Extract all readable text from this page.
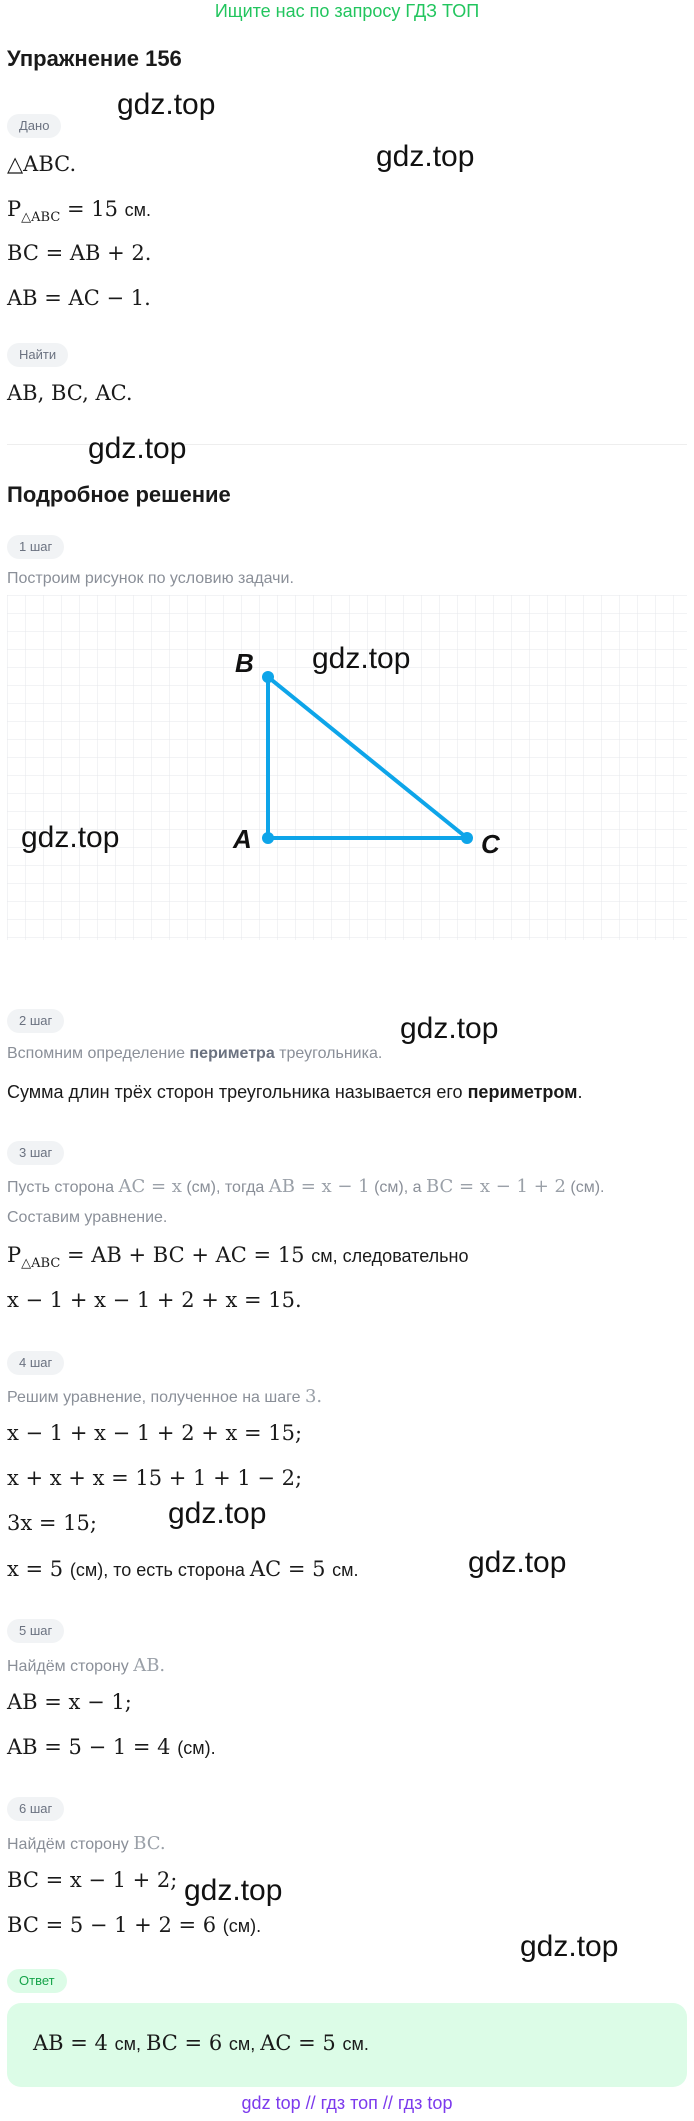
Ищите нас по запросу ГДЗ ТОП
Упражнение 156
Дано
△ABC.
$P_{\triangle ABC} = 15$ см.
BC = AB + 2.
AB = AC − 1.
Найти
AB, BC, AC.
Подробное решение
1 шаг
Построим рисунок по условию задачи.
B
A	C
2 шаг
Вспомним определение периметра треугольника.
Сумма длин трёх сторон треугольника называется его периметром.
3 шаг
Пусть сторона AC = x (см), тогда AB = x − 1 (см), а BC = x − 1 + 2 (см).
Составим уравнение.
$P_{\triangle ABC}$ = AB + BC + AC = 15 см, следовательно
x − 1 + x − 1 + 2 + x = 15.
4 шаг
Решим уравнение, полученное на шаге 3.
x − 1 + x − 1 + 2 + x = 15;
x + x + x = 15 + 1 + 1 − 2;
3x = 15;
x = 5 (см), то есть сторона AC = 5 см.
5 шаг
Найдём сторону AB.
AB = x − 1;
AB = 5 − 1 = 4 (см).
6 шаг
Найдём сторону BC.
BC = x − 1 + 2;
BC = 5 − 1 + 2 = 6 (см).
Ответ
AB = 4 см, BC = 6 см, AC = 5 см.
gdz top // гдз топ // гдз top
gdz.top
gdz.top
gdz.top
gdz.top
gdz.top
gdz.top
gdz.top
gdz.top
gdz.top
gdz.top
